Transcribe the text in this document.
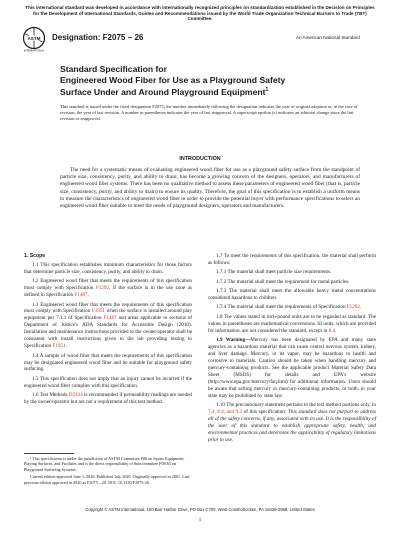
This international standard was developed in accordance with internationally recognized principles on standardization established in the Decision on Principles for the Development of International Standards, Guides and Recommendations issued by the World Trade Organization Technical Barriers to Trade (TBT) Committee.
ASTM
INTERNATIONAL
Designation: F2075 − 26	An American National Standard
Standard Specification for
Engineered Wood Fiber for Use as a Playground Safety
Surface Under and Around Playground Equipment$^1$
This standard is issued under the fixed designation F2075; the number immediately following the designation indicates the year of original adoption or, in the case of revision, the year of last revision. A number in parentheses indicates the year of last reapproval. A superscript epsilon (ε) indicates an editorial change since the last revision or reapproval.
INTRODUCTION
The need for a systematic means of evaluating engineered wood fiber for use as a playground safety surface from the standpoint of particle size, consistency, purity, and ability to drain, has become a growing concern of the designers, operators, and manufacturers of engineered wood fiber systems. There has been no qualitative method to assess these parameters of engineered wood fiber (that is, particle size, consistency, purity, and ability to drain) to ensure its quality. Therefore, the goal of this specification is to establish a uniform means to measure the characteristics of engineered wood fiber in order to provide the potential buyer with performance specifications to select an engineered wood fiber suitable to meet the needs of playground designers, operators and manufacturers.

1. Scope

1.1 This specification establishes minimum characteristics for those factors that determine particle size, consistency, purity, and ability to drain.

1.2 Engineered wood fiber that meets the requirements of this specification must comply with Specification F1292, if the surface is in the use zone as defined in Specification F1487.

1.3 Engineered wood fiber that meets the requirements of this specification must comply with Specification F1951 when the surface is installed around play equipment per 7.1.1 of Specification F1487 and areas applicable to sections of Department of Justice's ADA Standards for Accessible Design (2010). Installation and maintenance instructions provided to the owner/operator shall be consistent with install instructions given to the lab providing testing to Specification F1951.

1.4 A sample of wood fiber that meets the requirements of this specification may be designated engineered wood fiber and be suitable for playground safety surfacing.

1.5 This specification does not imply that an injury cannot be incurred if the engineered wood fiber complies with this specification.

1.6 Test Methods D2434 is recommended if permeability readings are needed by the owner/operator but are not a requirement of this test method.

1.7 To meet the requirements of this specification, the material shall perform as follows:

1.7.1 The material shall meet particle size requirements.

1.7.2 The material shall meet the requirement for metal particles.

1.7.3 The material shall meet the allowable heavy metal concentrations considered hazardous to children.

1.7.4 The material shall meet the requirements of Specification F1292.

1.8 The values stated in inch-pound units are to be regarded as standard. The values in parentheses are mathematical conversions. SI units, which are provided for information, are not considered the standard, except in 8.4.

1.9 Warning—Mercury has been designated by EPA and many state agencies as a hazardous material that can cause central nervous system, kidney, and liver damage. Mercury, or its vapor, may be hazardous to health and corrosive to materials. Caution should be taken when handling mercury and mercury-containing products. See the applicable product Material Safety Data Sheet (MSDS) for details and EPA's website (http://www.epa.gov/mercury/faq.htm) for additional information. Users should be aware that selling mercury or mercury-containing products, or both, in your state may be prohibited by state law.

1.10 The precautionary statement pertains to the test method portions only, in 7.4, 8.4, and 9.4 of this specification: This standard does not purport to address all of the safety concerns, if any, associated with its use. It is the responsibility of the user of this standard to establish appropriate safety, health, and environmental practices and determine the applicability of regulatory limitations prior to use.

¹ This specification is under the jurisdiction of ASTM Committee F08 on Sports Equipment, Playing Surfaces, and Facilities and is the direct responsibility of Subcommittee F08.63 on Playground Surfacing Systems.

Current edition approved June 1, 2026. Published July 2026. Originally approved in 2001. Last previous edition approved in 2020 as F2075 – 20. DOI: 10.1520/F2075-26.

Copyright © ASTM International, 100 Barr Harbor Drive, PO Box C700, West Conshohocken, PA 19428-2959. United States
1
